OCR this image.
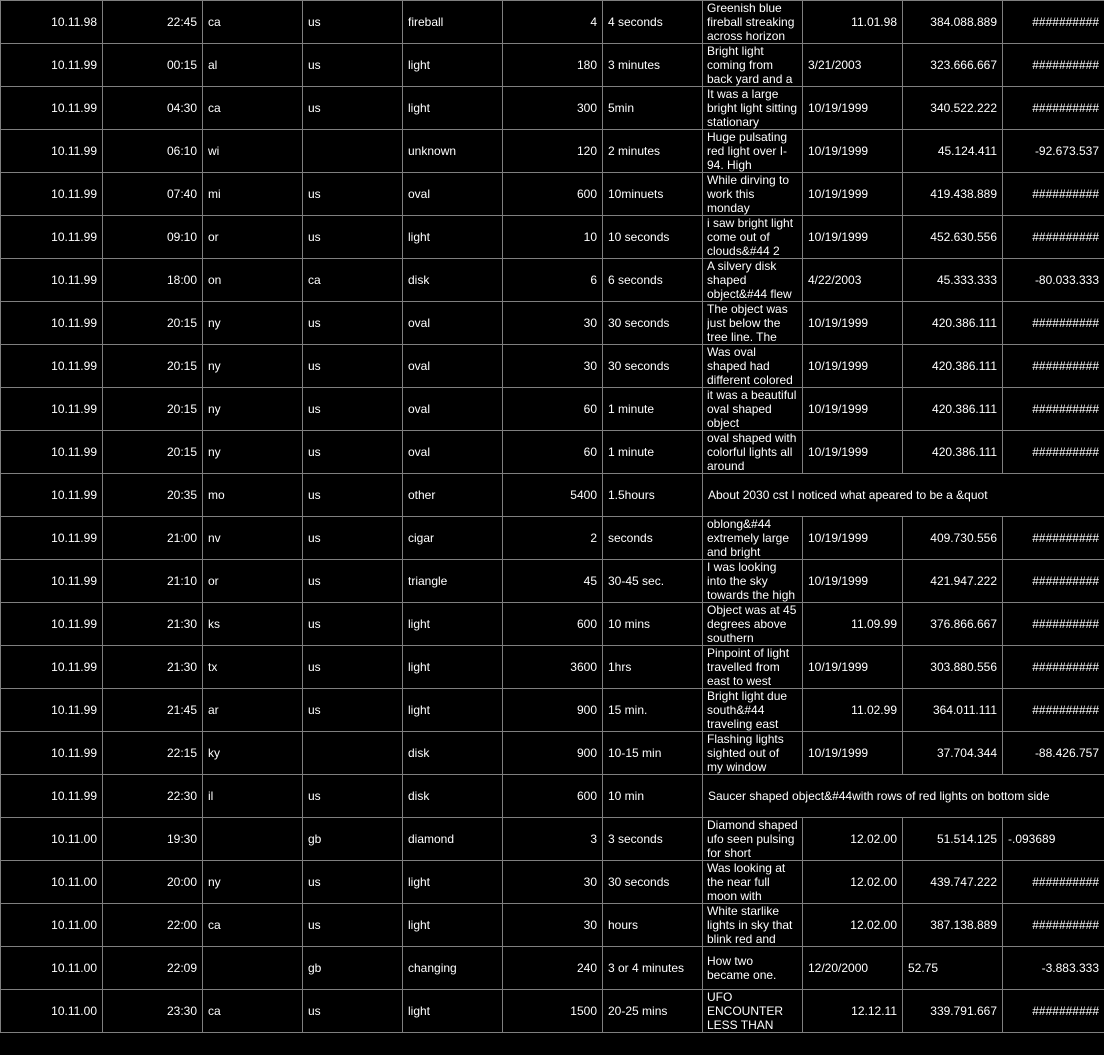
10.11.98	22:45	ca	us	fireball	4	4 seconds	Greenish blue fireball streaking across horizon	11.01.98	384.088.889	##########
10.11.99	00:15	al	us	light	180	3 minutes	Bright light coming from back yard and a	3/21/2003	323.666.667	##########
10.11.99	04:30	ca	us	light	300	5min	It was a large bright light sitting stationary	10/19/1999	340.522.222	##########
10.11.99	06:10	wi		unknown	120	2 minutes	Huge pulsating red light over I-94. High	10/19/1999	45.124.411	-92.673.537
10.11.99	07:40	mi	us	oval	600	10minuets	While dirving to work this monday	10/19/1999	419.438.889	##########
10.11.99	09:10	or	us	light	10	10 seconds	i saw bright light come out of clouds&#44 2	10/19/1999	452.630.556	##########
10.11.99	18:00	on	ca	disk	6	6 seconds	A silvery disk shaped object&#44 flew	4/22/2003	45.333.333	-80.033.333
10.11.99	20:15	ny	us	oval	30	30 seconds	The object was just below the tree line. The	10/19/1999	420.386.111	##########
10.11.99	20:15	ny	us	oval	30	30 seconds	Was oval shaped had different colored	10/19/1999	420.386.111	##########
10.11.99	20:15	ny	us	oval	60	1 minute	it was a beautiful oval shaped object	10/19/1999	420.386.111	##########
10.11.99	20:15	ny	us	oval	60	1 minute	oval shaped with colorful lights all around	10/19/1999	420.386.111	##########
10.11.99	20:35	mo	us	other	5400	1.5hours	About 2030 cst I noticed what apeared to be a &quot			
10.11.99	21:00	nv	us	cigar	2	seconds	oblong&#44 extremely large and bright	10/19/1999	409.730.556	##########
10.11.99	21:10	or	us	triangle	45	30-45 sec.	I was looking into the sky towards the high	10/19/1999	421.947.222	##########
10.11.99	21:30	ks	us	light	600	10 mins	Object was at 45 degrees above southern	11.09.99	376.866.667	##########
10.11.99	21:30	tx	us	light	3600	1hrs	Pinpoint of light travelled from east to west	10/19/1999	303.880.556	##########
10.11.99	21:45	ar	us	light	900	15 min.	Bright light due south&#44 traveling east	11.02.99	364.011.111	##########
10.11.99	22:15	ky		disk	900	10-15 min	Flashing lights sighted out of my window	10/19/1999	37.704.344	-88.426.757
10.11.99	22:30	il	us	disk	600	10 min	Saucer shaped object&#44with rows of red lights on bottom side			
10.11.00	19:30		gb	diamond	3	3 seconds	Diamond shaped ufo seen pulsing for short	12.02.00	51.514.125	-.093689
10.11.00	20:00	ny	us	light	30	30 seconds	Was looking at the near full moon with	12.02.00	439.747.222	##########
10.11.00	22:00	ca	us	light	30	hours	White starlike lights in sky that blink red and	12.02.00	387.138.889	##########
10.11.00	22:09		gb	changing	240	3 or 4 minutes	How two became one.	12/20/2000	52.75	-3.883.333
10.11.00	23:30	ca	us	light	1500	20-25 mins	UFO ENCOUNTER LESS THAN	12.12.11	339.791.667	##########
